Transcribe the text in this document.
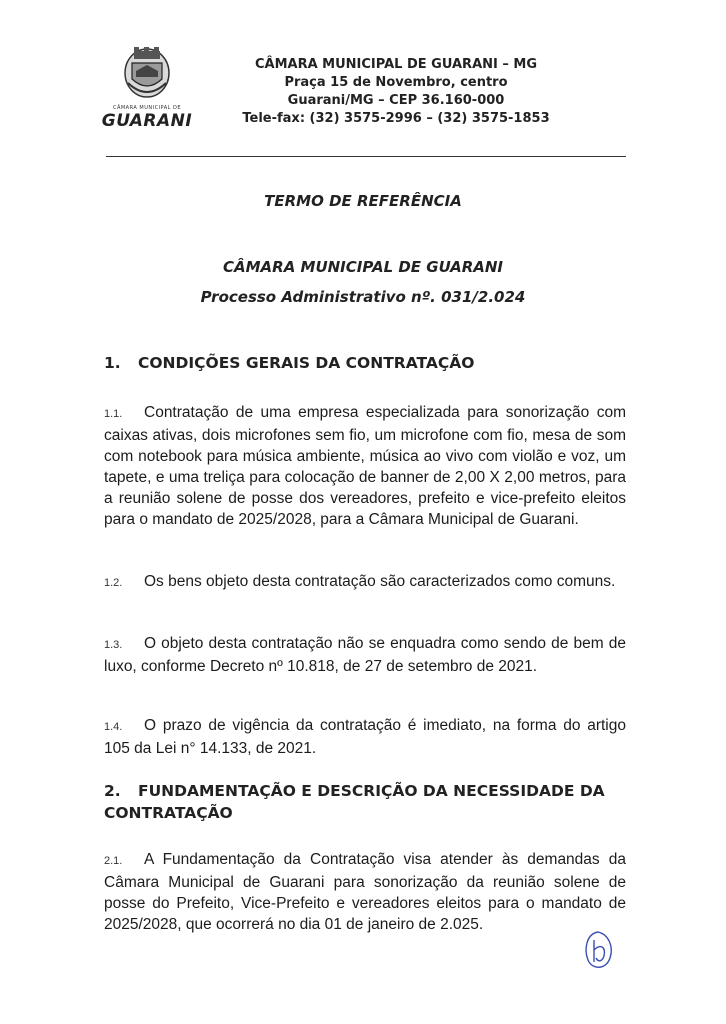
CÂMARA MUNICIPAL DE
GUARANI
CÂMARA MUNICIPAL DE GUARANI – MG
Praça 15 de Novembro, centro
Guarani/MG – CEP 36.160-000
Tele-fax: (32) 3575-2996 – (32) 3575-1853
TERMO DE REFERÊNCIA
CÂMARA MUNICIPAL DE GUARANI
Processo Administrativo nº. 031/2.024
1. CONDIÇÕES GERAIS DA CONTRATAÇÃO
1.1. Contratação de uma empresa especializada para sonorização com caixas ativas, dois microfones sem fio, um microfone com fio, mesa de som com notebook para música ambiente, música ao vivo com violão e voz, um tapete, e uma treliça para colocação de banner de 2,00 X 2,00 metros, para a reunião solene de posse dos vereadores, prefeito e vice-prefeito eleitos para o mandato de 2025/2028, para a Câmara Municipal de Guarani.
1.2. Os bens objeto desta contratação são caracterizados como comuns.
1.3. O objeto desta contratação não se enquadra como sendo de bem de luxo, conforme Decreto nº 10.818, de 27 de setembro de 2021.
1.4. O prazo de vigência da contratação é imediato, na forma do artigo 105 da Lei n° 14.133, de 2021.
2. FUNDAMENTAÇÃO E DESCRIÇÃO DA NECESSIDADE DA CONTRATAÇÃO
2.1. A Fundamentação da Contratação visa atender às demandas da Câmara Municipal de Guarani para sonorização da reunião solene de posse do Prefeito, Vice-Prefeito e vereadores eleitos para o mandato de 2025/2028, que ocorrerá no dia 01 de janeiro de 2.025.
